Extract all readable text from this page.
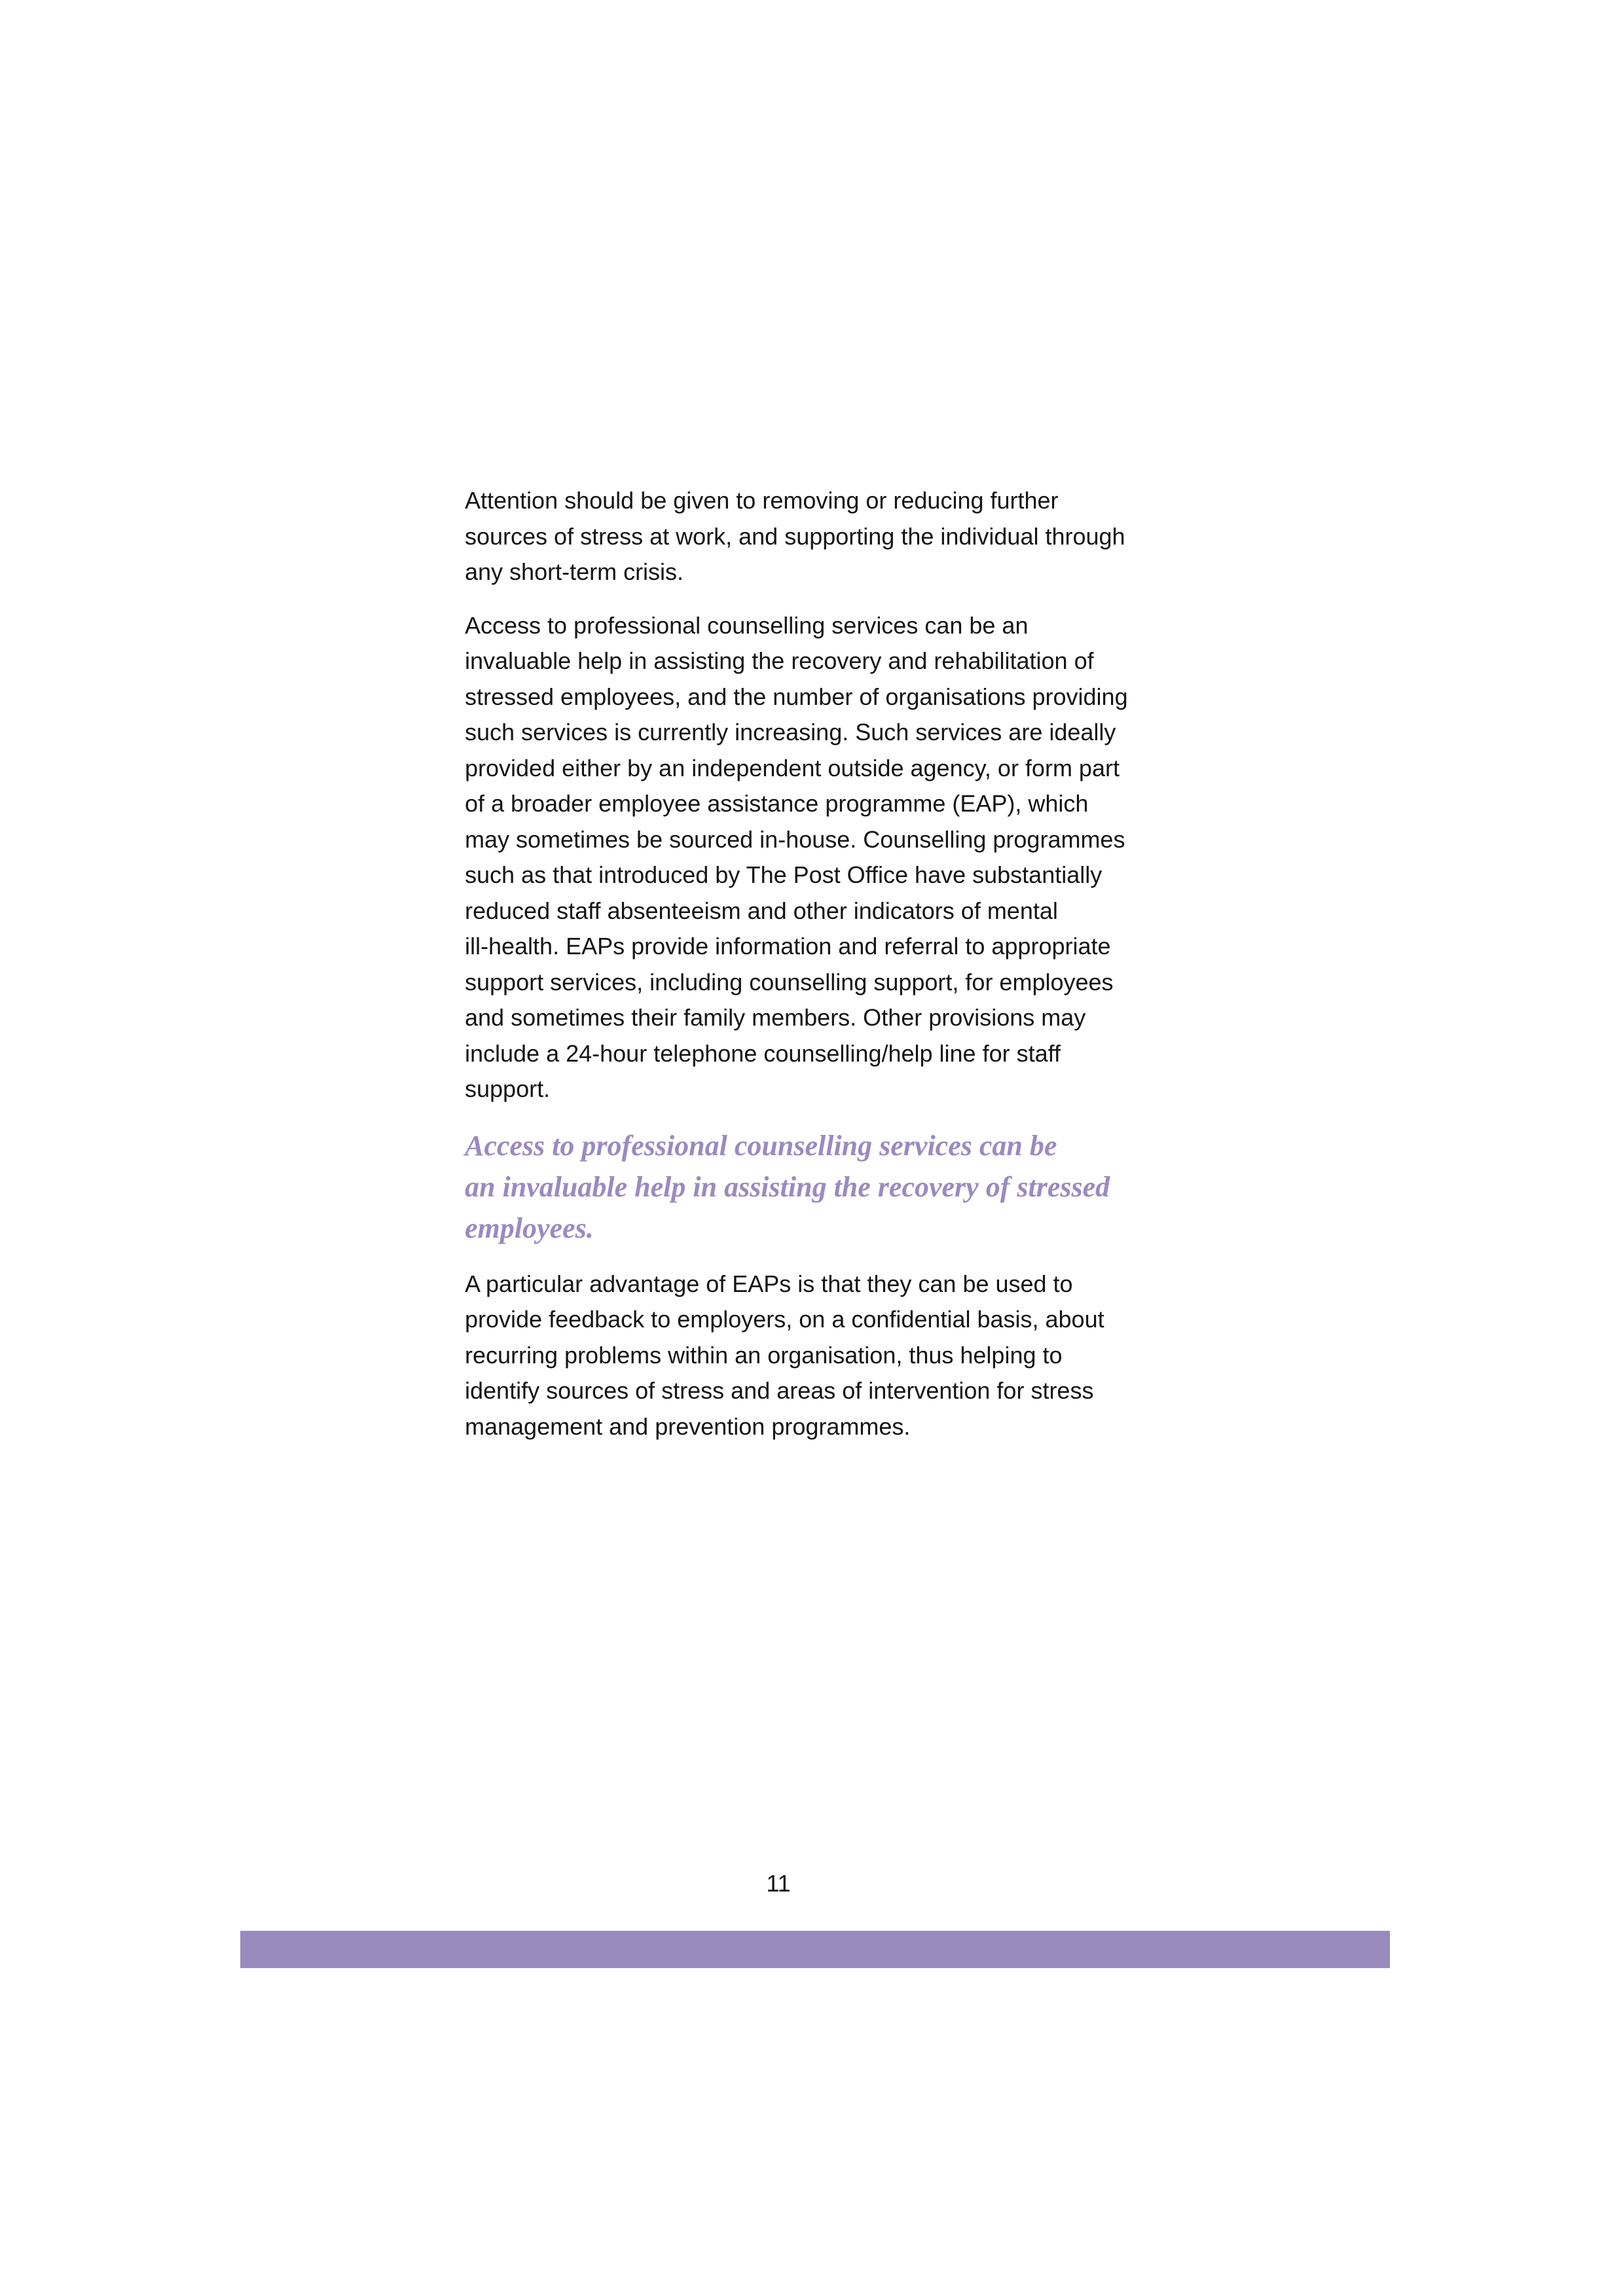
Attention should be given to removing or reducing further
sources of stress at work, and supporting the individual through
any short-term crisis.

Access to professional counselling services can be an
invaluable help in assisting the recovery and rehabilitation of
stressed employees, and the number of organisations providing
such services is currently increasing. Such services are ideally
provided either by an independent outside agency, or form part
of a broader employee assistance programme (EAP), which
may sometimes be sourced in-house. Counselling programmes
such as that introduced by The Post Office have substantially
reduced staff absenteeism and other indicators of mental
ill-health. EAPs provide information and referral to appropriate
support services, including counselling support, for employees
and sometimes their family members. Other provisions may
include a 24-hour telephone counselling/help line for staff
support.

Access to professional counselling services can be
an invaluable help in assisting the recovery of stressed
employees.

A particular advantage of EAPs is that they can be used to
provide feedback to employers, on a confidential basis, about
recurring problems within an organisation, thus helping to
identify sources of stress and areas of intervention for stress
management and prevention programmes.

11
